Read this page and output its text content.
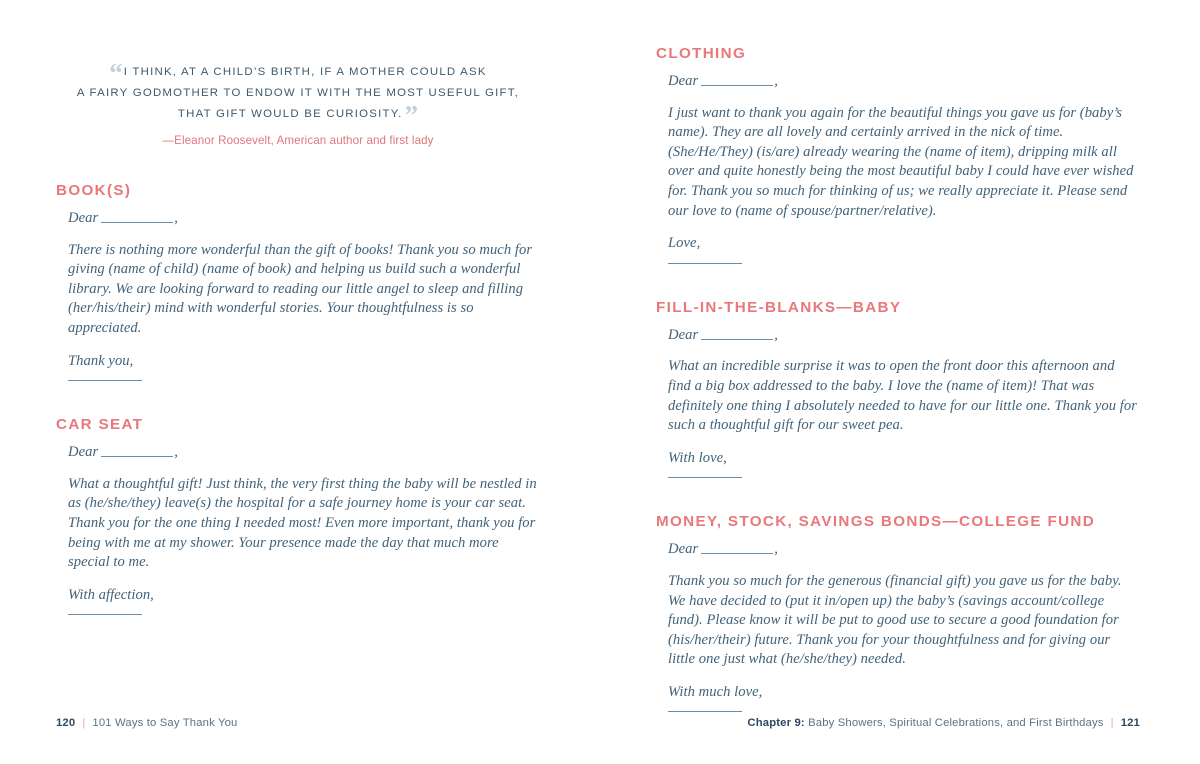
“I THINK, AT A CHILD’S BIRTH, IF A MOTHER COULD ASK
A FAIRY GODMOTHER TO ENDOW IT WITH THE MOST USEFUL GIFT,
THAT GIFT WOULD BE CURIOSITY.”
—Eleanor Roosevelt, American author and first lady
BOOK(S)

Dear	,

There is nothing more wonderful than the gift of books! Thank you so much for giving (name of child) (name of book) and helping us build such a wonderful library. We are looking forward to reading our little angel to sleep and filling (her/his/their) mind with wonderful stories. Your thoughtfulness is so appreciated.

Thank you,

CAR SEAT

Dear	,

What a thoughtful gift! Just think, the very first thing the baby will be nestled in as (he/she/they) leave(s) the hospital for a safe journey home is your car seat. Thank you for the one thing I needed most! Even more important, thank you for being with me at my shower. Your presence made the day that much more special to me.

With affection,

120 | 101 Ways to Say Thank You
CLOTHING

Dear	,

I just want to thank you again for the beautiful things you gave us for (baby’s name). They are all lovely and certainly arrived in the nick of time. (She/He/They) (is/are) already wearing the (name of item), dripping milk all over and quite honestly being the most beautiful baby I could have ever wished for. Thank you so much for thinking of us; we really appreciate it. Please send our love to (name of spouse/partner/relative).

Love,

FILL-IN-THE-BLANKS—BABY

Dear	,

What an incredible surprise it was to open the front door this afternoon and find a big box addressed to the baby. I love the (name of item)! That was definitely one thing I absolutely needed to have for our little one. Thank you for such a thoughtful gift for our sweet pea.

With love,

MONEY, STOCK, SAVINGS BONDS—COLLEGE FUND

Dear	,

Thank you so much for the generous (financial gift) you gave us for the baby. We have decided to (put it in/open up) the baby’s (savings account/college fund). Please know it will be put to good use to secure a good foundation for (his/her/their) future. Thank you for your thoughtfulness and for giving our little one just what (he/she/they) needed.

With much love,

Chapter 9: Baby Showers, Spiritual Celebrations, and First Birthdays | 121
